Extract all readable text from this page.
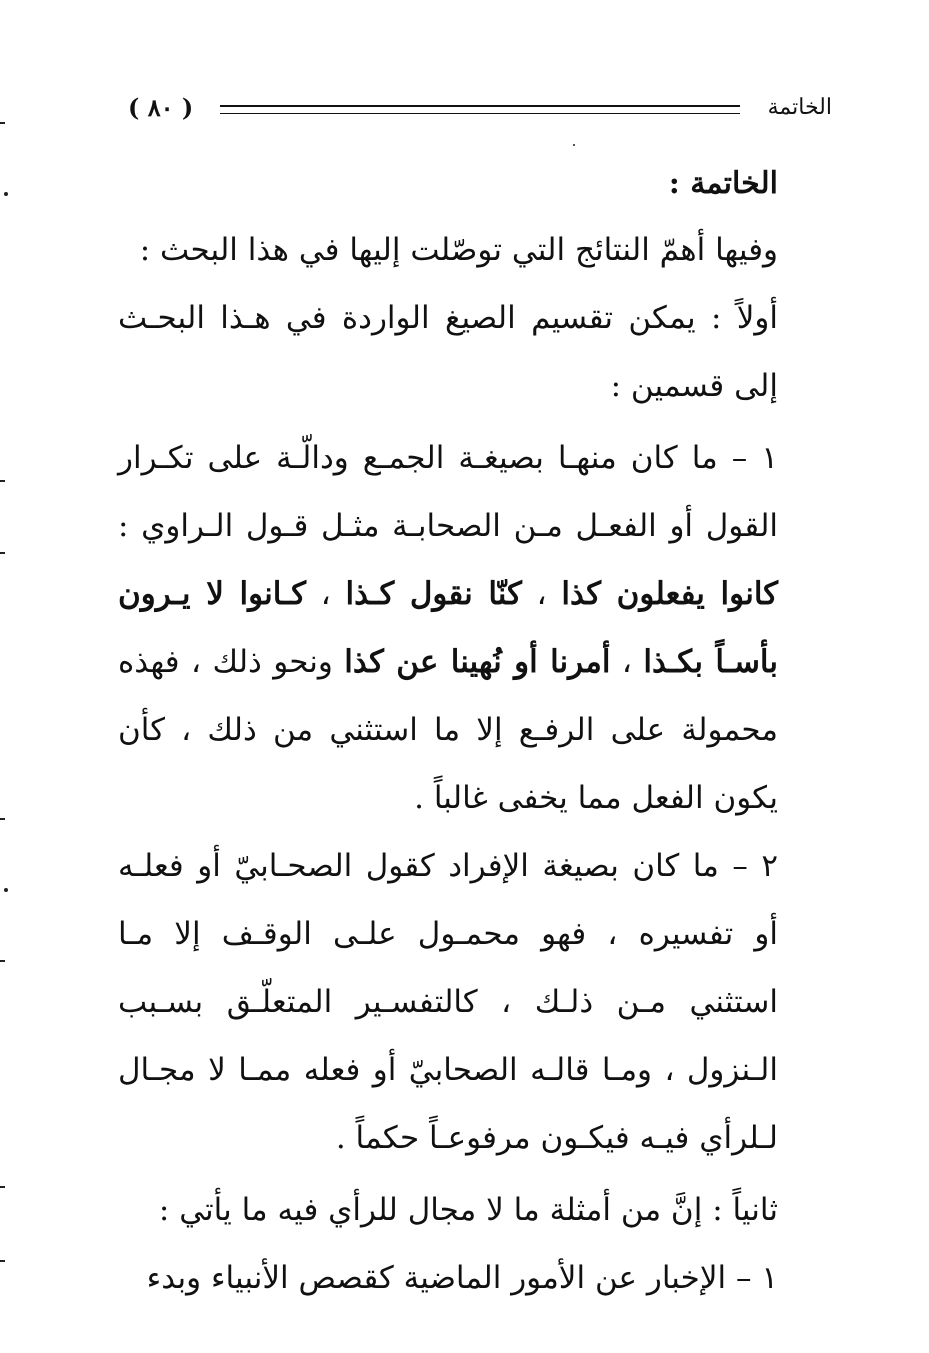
الخاتمة
( ٨٠ )

الخاتمة :

وفيها أهمّ النتائج التي توصّلت إليها في هذا البحث :

أولاً : يمكن تقسيم الصيغ الواردة في هـذا البحـث إلى قسمين :

١ – ما كان منهـا بصيغـة الجمـع ودالّـة على تكـرار القول أو الفعـل مـن الصحابـة مثـل قـول الـراوي : كانوا يفعلون كذا ، كنّا نقول كـذا ، كـانوا لا يـرون بأسـاً بكـذا ، أمرنا أو نُهينا عن كذا ونحو ذلك ، فهذه محمولة على الرفـع إلا ما استثني من ذلك ، كأن يكون الفعل مما يخفى غالباً .

٢ – ما كان بصيغة الإفراد كقول الصحـابيّ أو فعلـه أو تفسيره ، فهو محمـول علـى الوقـف إلا مـا استثني مـن ذلـك ، كالتفسـير المتعلّـق بسـبب الـنزول ، ومـا قالـه الصحابيّ أو فعله ممـا لا مجـال لـلرأي فيـه فيكـون مرفوعـاً حكماً .

ثانياً : إنَّ من أمثلة ما لا مجال للرأي فيه ما يأتي :

١ – الإخبار عن الأمور الماضية كقصص الأنبياء وبدء
